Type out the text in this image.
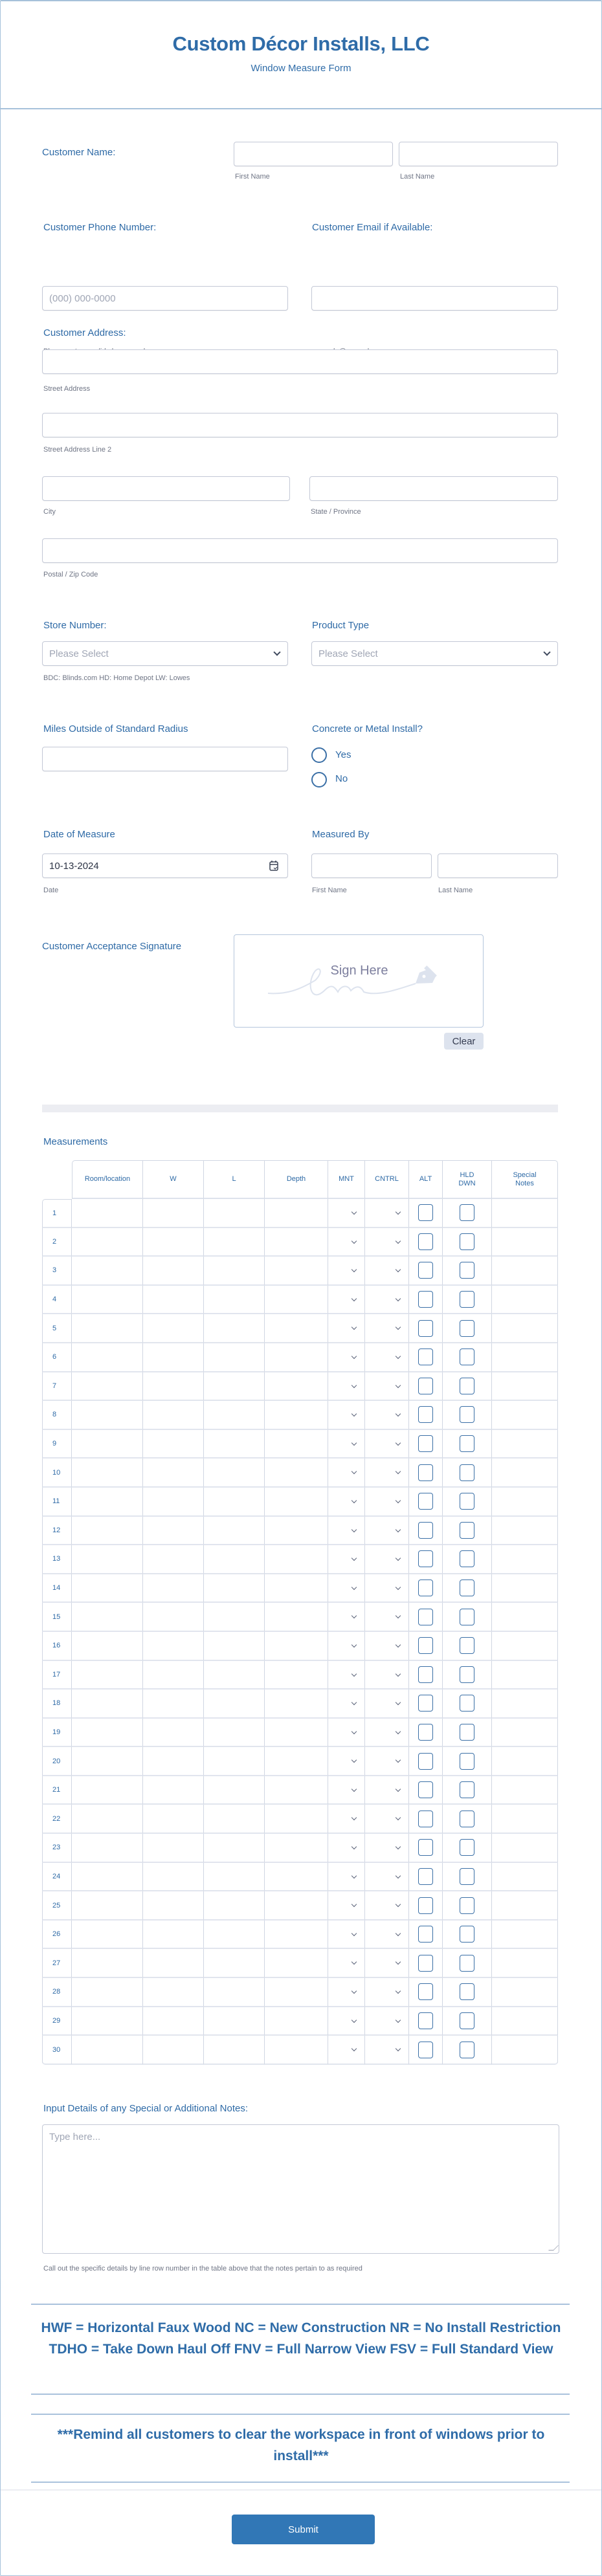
Custom Décor Installs, LLC
Window Measure Form
Customer Name:
First Name	Last Name
Customer Phone Number:	Customer Email if Available:
(000) 000-0000
Customer Address:
Street Address
Street Address Line 2
City	State / Province
Postal / Zip Code
Store Number:	Product Type
Please Select	Please Select
BDC: Blinds.com HD: Home Depot LW: Lowes
Miles Outside of Standard Radius	Concrete or Metal Install?
Yes
No
Date of Measure	Measured By
10-13-2024
Date	First Name	Last Name
Customer Acceptance Signature
Sign Here
Clear
Measurements
	Room/location	W	L	Depth	MNT	CNTRL	ALT	HLD DWN	Special Notes
1					

2					

3					

4					

5					

6					

7					

8					

9					

10					

11					

12					

13					

14					

15					

16					

17					

18					

19					

20					

21					

22					

23					

24					

25					

26					

27					

28					

29					

30					

Input Details of any Special or Additional Notes:
Type here...
Call out the specific details by line row number in the table above that the notes pertain to as required
HWF = Horizontal Faux Wood NC = New Construction NR = No Install Restriction TDHO = Take Down Haul Off FNV = Full Narrow View FSV = Full Standard View
***Remind all customers to clear the workspace in front of windows prior to install***
Submit
